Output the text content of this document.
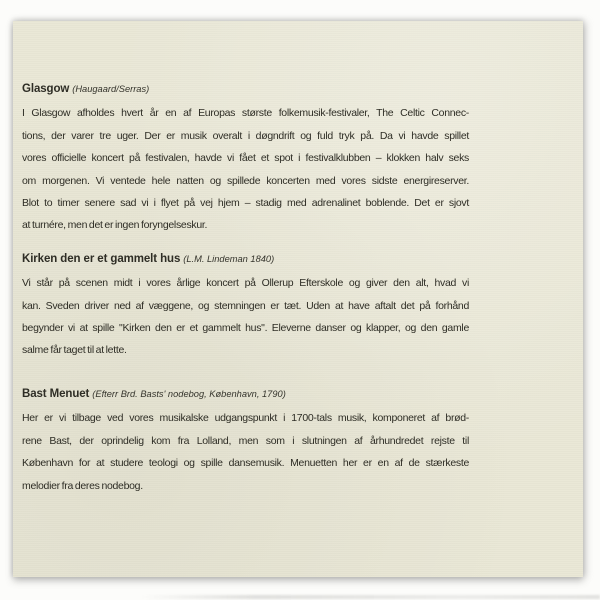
Glasgow (Haugaard/Serras)

I Glasgow afholdes hvert år en af Europas største folkemusik-festivaler, The Celtic Connec-
tions, der varer tre uger. Der er musik overalt i døgndrift og fuld tryk på. Da vi havde spillet
vores officielle koncert på festivalen, havde vi fået et spot i festivalklubben – klokken halv seks
om morgenen. Vi ventede hele natten og spillede koncerten med vores sidste energireserver.
Blot to timer senere sad vi i flyet på vej hjem – stadig med adrenalinet boblende. Det er sjovt
at turnére, men det er ingen foryngelseskur.

Kirken den er et gammelt hus (L.M. Lindeman 1840)

Vi står på scenen midt i vores årlige koncert på Ollerup Efterskole og giver den alt, hvad vi
kan. Sveden driver ned af væggene, og stemningen er tæt. Uden at have aftalt det på forhånd
begynder vi at spille "Kirken den er et gammelt hus". Eleverne danser og klapper, og den gamle
salme får taget til at lette.

Bast Menuet (Efterr Brd. Basts' nodebog, København, 1790)

Her er vi tilbage ved vores musikalske udgangspunkt i 1700-tals musik, komponeret af brød-
rene Bast, der oprindelig kom fra Lolland, men som i slutningen af århundredet rejste til
København for at studere teologi og spille dansemusik. Menuetten her er en af de stærkeste
melodier fra deres nodebog.
